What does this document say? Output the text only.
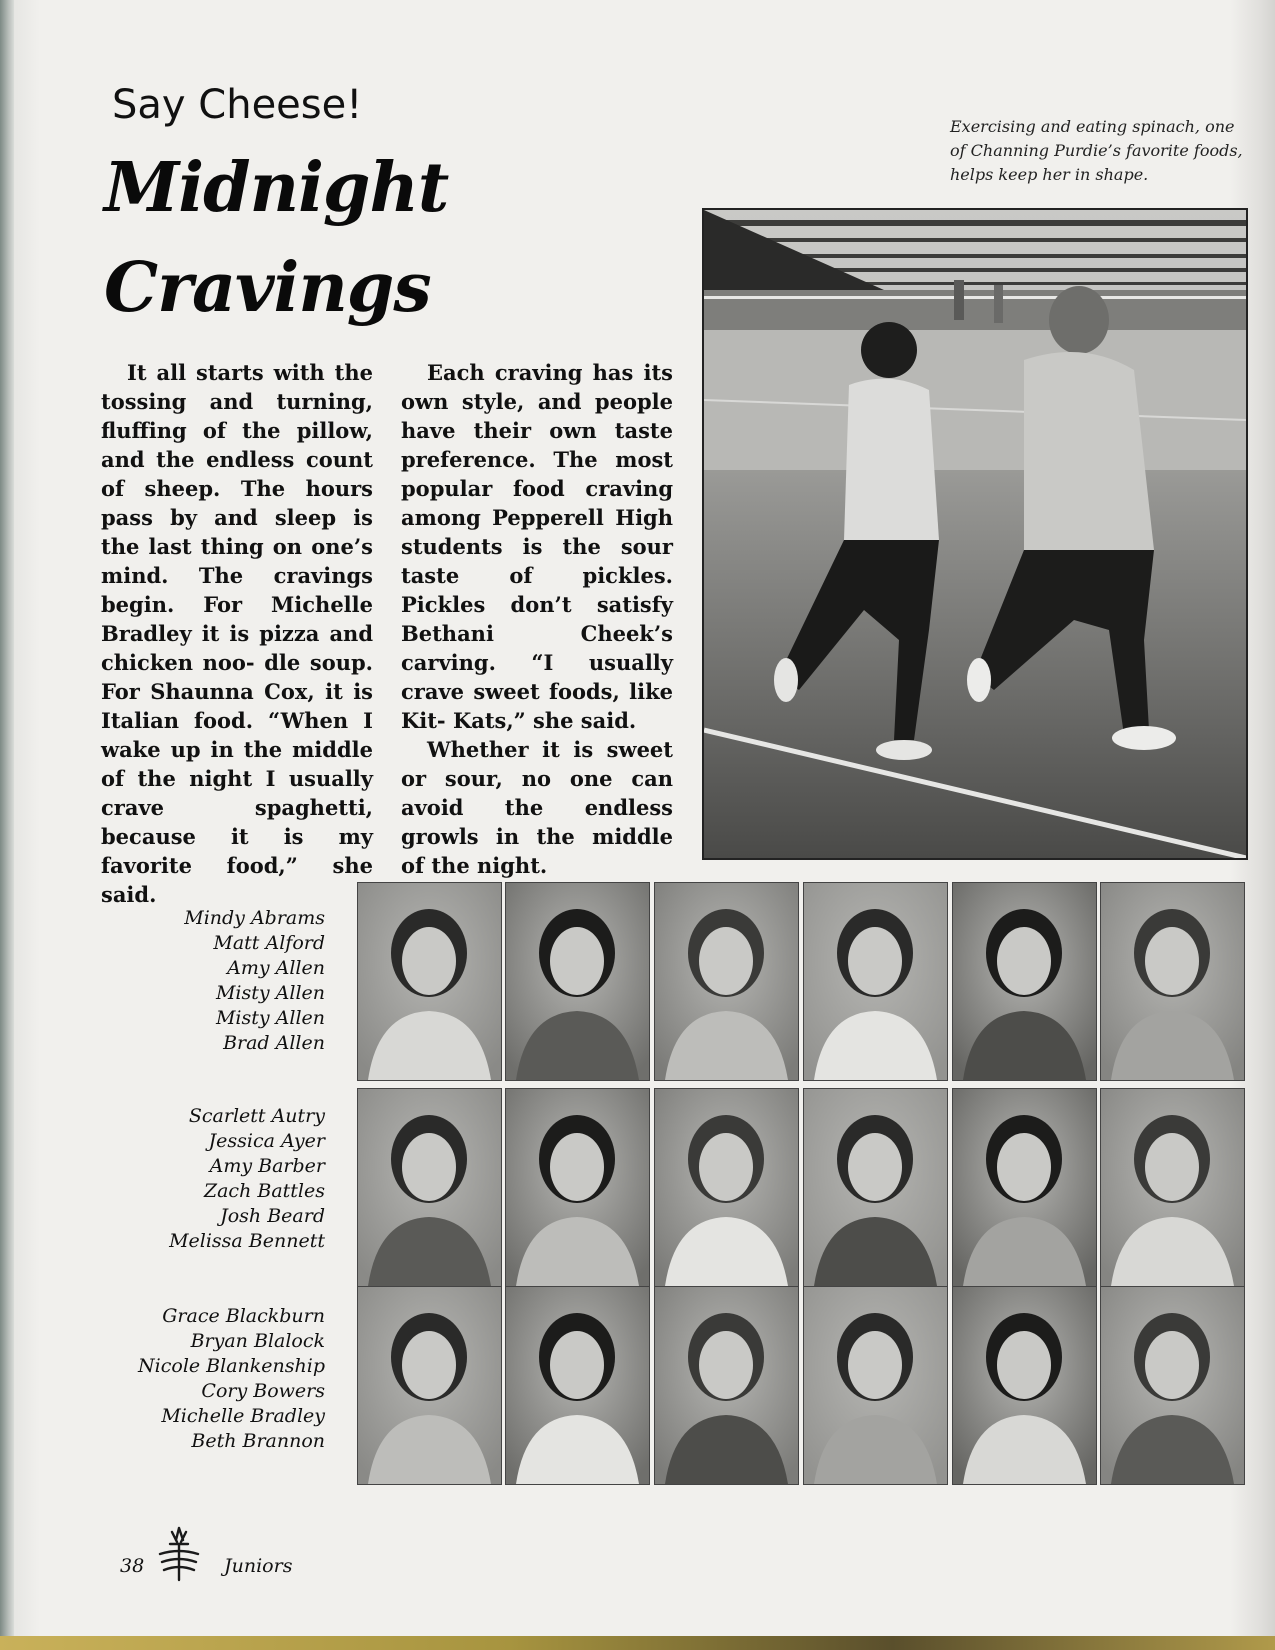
Say Cheese!
Midnight
Cravings

It all starts with the tossing and turning, fluffing of the pillow, and the endless count of sheep. The hours pass by and sleep is the last thing on one’s mind. The cravings begin. For Michelle Bradley it is pizza and chicken noo- dle soup. For Shaunna Cox, it is Italian food. “When I wake up in the middle of the night I usually crave spaghetti, because it is my favorite food,” she said.

Each craving has its own style, and people have their own taste preference. The most popular food craving among Pepperell High students is the sour taste of pickles. Pickles don’t satisfy Bethani Cheek’s carving. “I usually crave sweet foods, like Kit- Kats,” she said.

Whether it is sweet or sour, no one can avoid the endless growls in the middle of the night.

Exercising and eating spinach, one of Channing Purdie’s favorite foods, helps keep her in shape.
Mindy Abrams
Matt Alford
Amy Allen
Misty Allen
Misty Allen
Brad Allen
Scarlett Autry
Jessica Ayer
Amy Barber
Zach Battles
Josh Beard
Melissa Bennett
Grace Blackburn
Bryan Blalock
Nicole Blankenship
Cory Bowers
Michelle Bradley
Beth Brannon
38	Juniors
